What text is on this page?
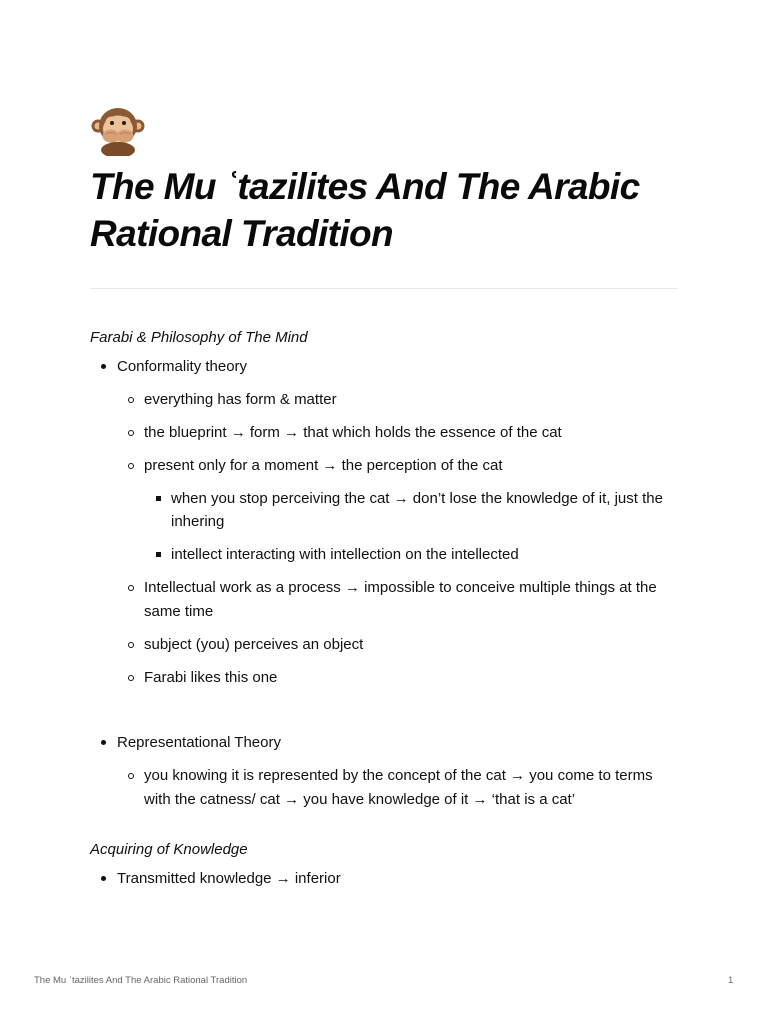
The Mu ʿtazilites And The Arabic Rational Tradition
Farabi & Philosophy of The Mind
Conformality theory
everything has form & matter
the blueprint → form → that which holds the essence of the cat
present only for a moment → the perception of the cat
when you stop perceiving the cat → don’t lose the knowledge of it, just the inhering
intellect interacting with intellection on the intellected
Intellectual work as a process → impossible to conceive multiple things at the same time
subject (you) perceives an object
Farabi likes this one
Representational Theory
you knowing it is represented by the concept of the cat → you come to terms with the catness/ cat → you have knowledge of it → ‘that is a cat’
Acquiring of Knowledge
Transmitted knowledge → inferior
The Mu ʿtazilites And The Arabic Rational Tradition	1
